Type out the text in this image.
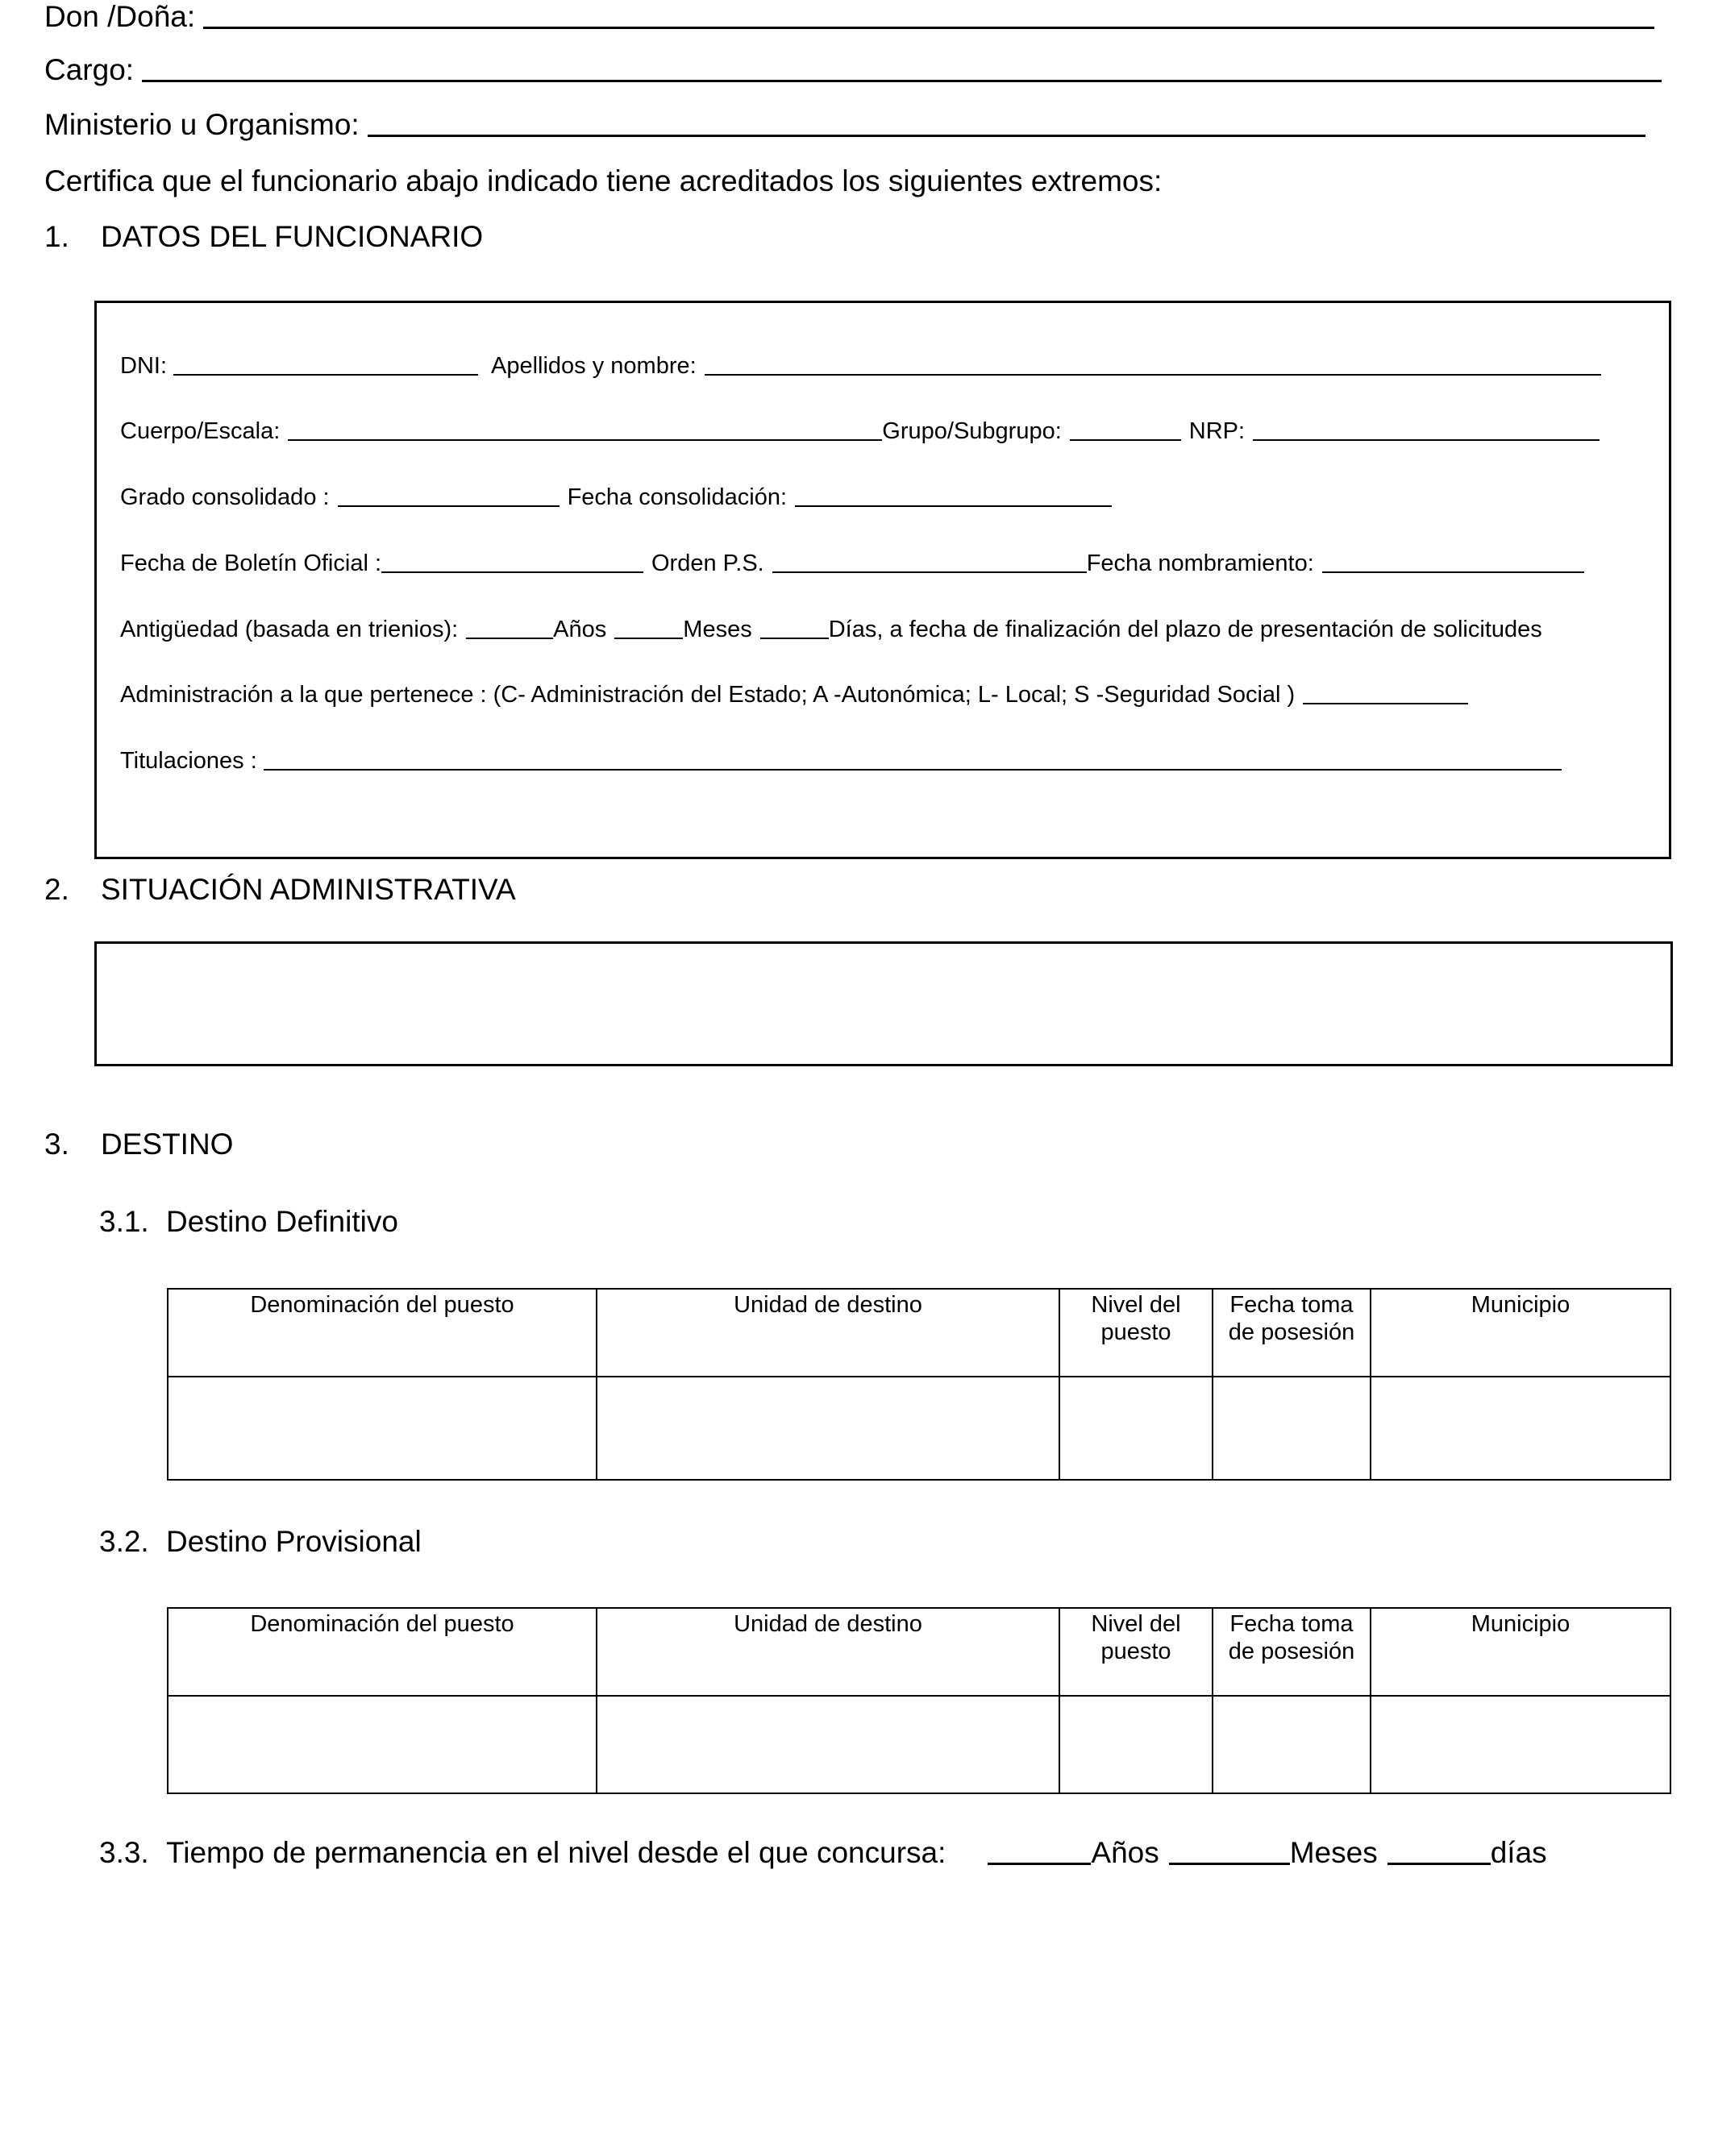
Don /Doña:
Cargo:
Ministerio u Organismo:
Certifica que el funcionario abajo indicado tiene acreditados los siguientes extremos:
1.	DATOS DEL FUNCIONARIO
DNI:	Apellidos y nombre:
Cuerpo/Escala:	Grupo/Subgrupo:	NRP:
Grado consolidado :	Fecha consolidación:
Fecha de Boletín Oficial :	Orden P.S.	Fecha nombramiento:
Antigüedad (basada en trienios):	Años	Meses	Días, a fecha de finalización del plazo de presentación de solicitudes
Administración a la que pertenece : (C- Administración del Estado; A -Autonómica; L- Local; S -Seguridad Social )
Titulaciones :
2.	SITUACIÓN ADMINISTRATIVA
3.	DESTINO
3.1. Destino Definitivo
Denominación del puesto	Unidad de destino	Nivel del puesto	Fecha toma de posesión	Municipio

3.2. Destino Provisional
Denominación del puesto	Unidad de destino	Nivel del puesto	Fecha toma de posesión	Municipio

3.3. Tiempo de permanencia en el nivel desde el que concursa:	Años	Meses	días
